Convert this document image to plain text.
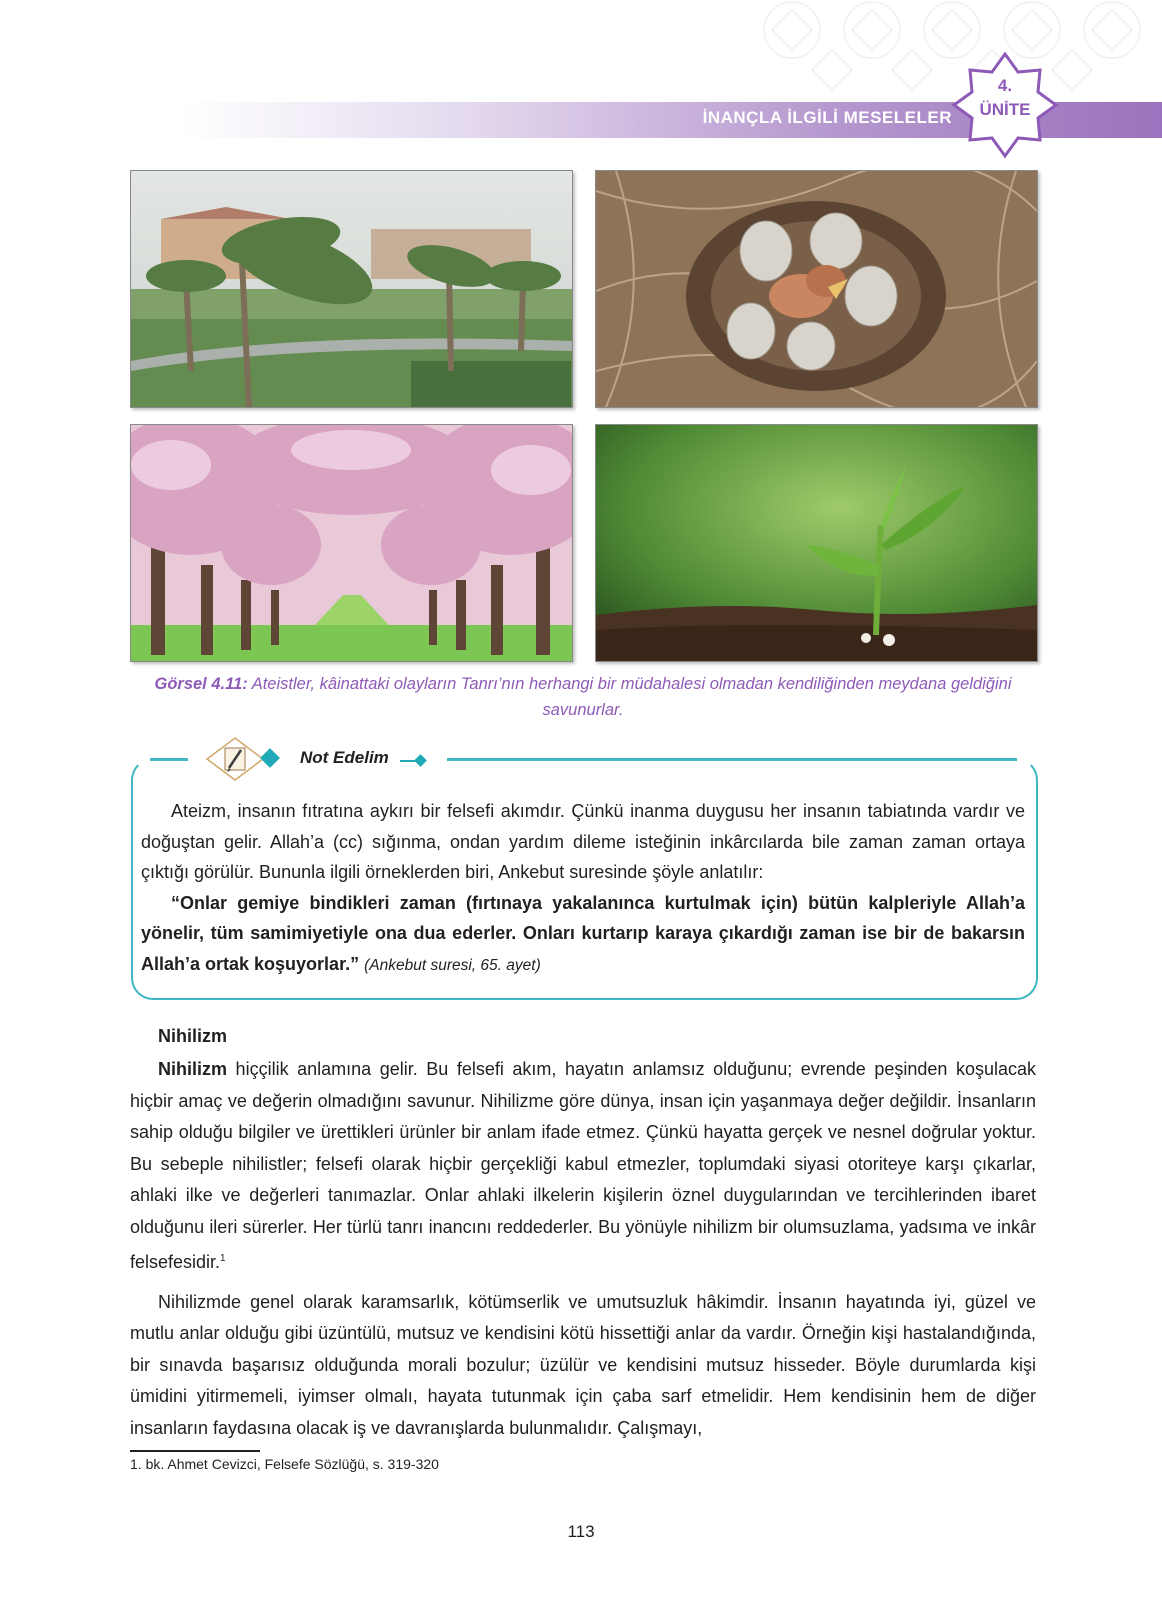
İNANÇLA İLGİLİ MESELELER
4.
ÜNİTE
Görsel 4.11: Ateistler, kâinattaki olayların Tanrı’nın herhangi bir müdahalesi olmadan kendiliğinden meydana geldiğini savunurlar.
Not Edelim

Ateizm, insanın fıtratına aykırı bir felsefi akımdır. Çünkü inanma duygusu her insanın tabiatında vardır ve doğuştan gelir. Allah’a (cc) sığınma, ondan yardım dileme isteğinin inkârcılarda bile zaman zaman ortaya çıktığı görülür. Bununla ilgili örneklerden biri, Ankebut suresinde şöyle anlatılır:

“Onlar gemiye bindikleri zaman (fırtınaya yakalanınca kurtulmak için) bütün kalpleriyle Allah’a yönelir, tüm samimiyetiyle ona dua ederler. Onları kurtarıp karaya çıkardığı zaman ise bir de bakarsın Allah’a ortak koşuyorlar.” (Ankebut suresi, 65. ayet)

Nihilizm

Nihilizm hiççilik anlamına gelir. Bu felsefi akım, hayatın anlamsız olduğunu; evrende peşinden koşulacak hiçbir amaç ve değerin olmadığını savunur. Nihilizme göre dünya, insan için yaşanmaya değer değildir. İnsanların sahip olduğu bilgiler ve ürettikleri ürünler bir anlam ifade etmez. Çünkü hayatta gerçek ve nesnel doğrular yoktur. Bu sebeple nihilistler; felsefi olarak hiçbir gerçekliği kabul etmezler, toplumdaki siyasi otoriteye karşı çıkarlar, ahlaki ilke ve değerleri tanımazlar. Onlar ahlaki ilkelerin kişilerin öznel duygularından ve tercihlerinden ibaret olduğunu ileri sürerler. Her türlü tanrı inancını reddederler. Bu yönüyle nihilizm bir olumsuzlama, yadsıma ve inkâr felsefesidir.$^1$

Nihilizmde genel olarak karamsarlık, kötümserlik ve umutsuzluk hâkimdir. İnsanın hayatında iyi, güzel ve mutlu anlar olduğu gibi üzüntülü, mutsuz ve kendisini kötü hissettiği anlar da vardır. Örneğin kişi hastalandığında, bir sınavda başarısız olduğunda morali bozulur; üzülür ve kendisini mutsuz hisseder. Böyle durumlarda kişi ümidini yitirmemeli, iyimser olmalı, hayata tutunmak için çaba sarf etmelidir. Hem kendisinin hem de diğer insanların faydasına olacak iş ve davranışlarda bulunmalıdır. Çalışmayı,

1. bk. Ahmet Cevizci, Felsefe Sözlüğü, s. 319-320
113
